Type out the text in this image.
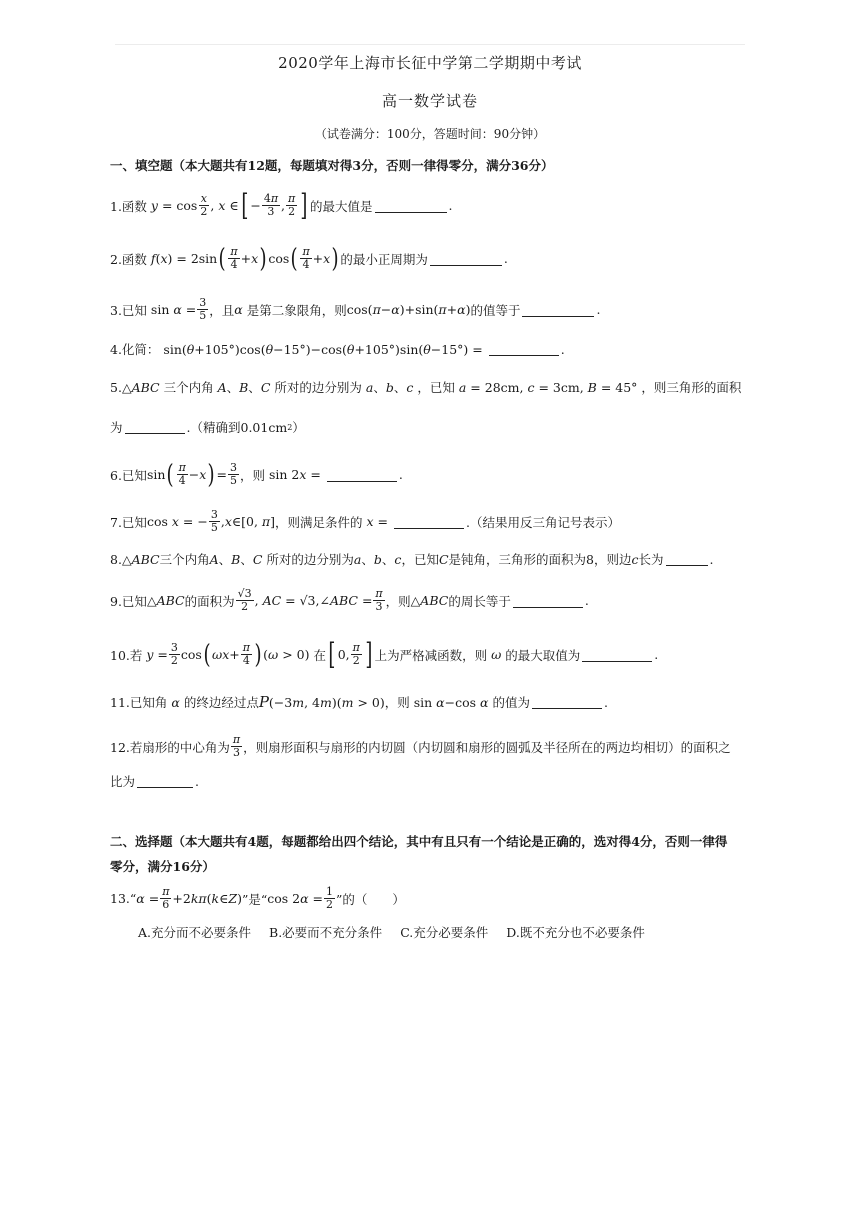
2020学年上海市长征中学第二学期期中考试
高一数学试卷
（试卷满分：100分，答题时间：90分钟）
一、填空题（本大题共有12题，每题填对得3分，否则一律得零分，满分36分）
1.函数 $y = \cos \frac{x}{2}$ , x ∈ [ − $\frac{4\pi}{3}$ , $\frac{\pi}{2}$ ] 的最大值是	.
2.函数
f ( x ) = 2sin ( $\frac{\pi}{4} + x$ ) cos ( $\frac{\pi}{4} + x$ ) 的最小正周期为	.
3.已知 $\sin \alpha = \frac{3}{5}$ ，且 α
是第二象限角，则 cos( π − α )+sin( π + α ) 的值等于	.
4.化简： sin( θ +105°)cos( θ −15°)−cos( θ +105°)sin( θ −15°) =	.
5. △ ABC
三个内角
A 、 B 、 C
所对的边分别为
a 、 b 、 c
，已知
a = 28cm, c = 3cm, B = 45° ，则三角形的面积
为	.（精确到0.01cm 2 ）
6.已知 sin ( $\frac{\pi}{4} - x$ ) = $\frac{3}{5}$ ，则 sin 2 x =	.
7.已知 cos x = − $\frac{3}{5}$ , x ∈[0, π ] ，则满足条件的
x =	.（结果用反三角记号表示）
8. △ ABC 三个内角 A 、 B 、 C
所对的边分别为 a 、 b 、 c ，已知 C 是钝角，三角形的面积为8，则边 c 长为	.
9.已知 △ ABC 的面积为 $\frac{√3}{2}$ , AC = √3,∠ ABC = $\frac{\pi}{3}$ ，则 △ ABC 的周长等于	.
10.若
$y = \frac{3}{2}$ cos ( $\omega x + \frac{\pi}{4}$ ) ( ω > 0) 在 [ 0, $\frac{\pi}{2}$ ] 上为严格减函数，则
ω
的最大取值为	.
11.已知角
α
的终边经过点 P (−3 m , 4 m )( m > 0) ，则 sin α −cos α
的值为	.
12.若扇形的中心角为 $\frac{\pi}{3}$ ，则扇形面积与扇形的内切圆（内切圆和扇形的圆弧及半径所在的两边均相切）的面积之
比为	.
二、选择题（本大题共有4题，每题都给出四个结论，其中有且只有一个结论是正确的，选对得4分，否则一律得
零分，满分16分）
13.“ $\alpha = \frac{\pi}{6} +2$ kπ ( k ∈ Z ) ”是“ cos 2 $\alpha = \frac{1}{2}$ ”的（　　）
A.充分而不必要条件 B.必要而不充分条件 C.充分必要条件 D.既不充分也不必要条件
